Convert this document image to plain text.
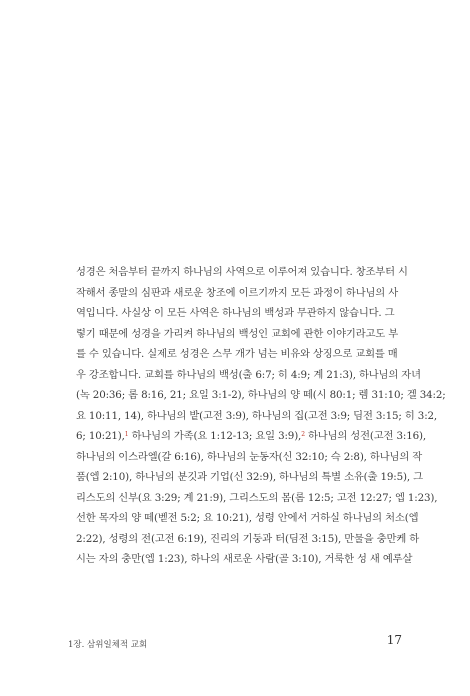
성경은 처음부터 끝까지 하나님의 사역으로 이루어져 있습니다. 창조부터 시
작해서 종말의 심판과 새로운 창조에 이르기까지 모든 과정이 하나님의 사
역입니다. 사실상 이 모든 사역은 하나님의 백성과 무관하지 않습니다. 그
렇기 때문에 성경을 가리켜 하나님의 백성인 교회에 관한 이야기라고도 부
를 수 있습니다. 실제로 성경은 스무 개가 넘는 비유와 상징으로 교회를 매
우 강조합니다. 교회를 하나님의 백성(출 6:7; 히 4:9; 계 21:3), 하나님의 자녀
(녹 20:36; 롬 8:16, 21; 요일 3:1-2), 하나님의 양 떼(시 80:1; 렘 31:10; 겔 34:2;
요 10:11, 14), 하나님의 밭(고전 3:9), 하나님의 집(고전 3:9; 딤전 3:15; 히 3:2,
6; 10:21),$^1$ 하나님의 가족(요 1:12-13; 요일 3:9),$^2$ 하나님의 성전(고전 3:16),
하나님의 이스라엘(갈 6:16), 하나님의 눈동자(신 32:10; 슥 2:8), 하나님의 작
품(엡 2:10), 하나님의 분깃과 기업(신 32:9), 하나님의 특별 소유(출 19:5), 그
리스도의 신부(요 3:29; 계 21:9), 그리스도의 몸(롬 12:5; 고전 12:27; 엡 1:23),
선한 목자의 양 떼(벧전 5:2; 요 10:21), 성령 안에서 거하실 하나님의 처소(엡
2:22), 성령의 전(고전 6:19), 진리의 기둥과 터(딤전 3:15), 만물을 충만케 하
시는 자의 충만(엡 1:23), 하나의 새로운 사람(골 3:10), 거룩한 성 새 예루살
1장. 삼위일체적 교회	17
